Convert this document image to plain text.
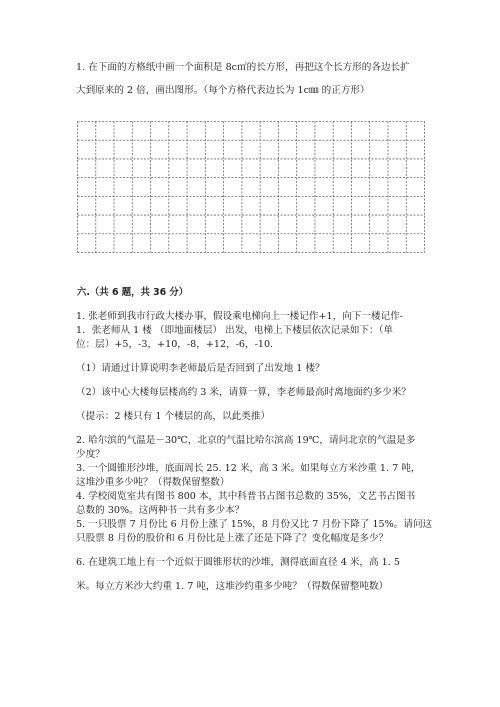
1. 在下面的方格纸中画一个面积是 8c㎡的长方形，再把这个长方形的各边长扩
大到原来的 2 倍，画出图形。（每个方格代表边长为 1c㎜ 的正方形）
六.（共 6 题，共 36 分）
1. 张老师到我市行政大楼办事，假设乘电梯向上一楼记作+1，向下一楼记作-
1．张老师从 1 楼 （即地面楼层） 出发，电梯上下楼层依次记录如下：（单
位：层）+5，-3，+10，-8，+12，-6，-10.
（1）请通过计算说明李老师最后是否回到了出发地 1 楼？
（2）该中心大楼每层楼高约 3 米，请算一算，李老师最高时离地面约多少米？
（提示：2 楼只有 1 个楼层的高，以此类推）
2. 哈尔滨的气温是－30℃，北京的气温比哈尔滨高 19℃，请问北京的气温是多
少度？
3. 一个圆锥形沙堆，底面周长 25. 12 米，高 3 米。如果每立方米沙重 1. 7 吨，
这堆沙重多少吨？（得数保留整数）
4. 学校阅览室共有图书 800 本，其中科普书占图书总数的 35%，文艺书占图书
总数的 30%。这两种书一共有多少本？
5. 一只股票 7 月份比 6 月份上涨了 15%，8 月份又比 7 月份下降了 15%。请问这
只股票 8 月份的股价和 6 月份比是上涨了还是下降了？变化幅度是多少？
6. 在建筑工地上有一个近似于圆锥形状的沙堆，测得底面直径 4 米，高 1. 5
米。每立方米沙大约重 1. 7 吨，这堆沙约重多少吨？（得数保留整吨数）
